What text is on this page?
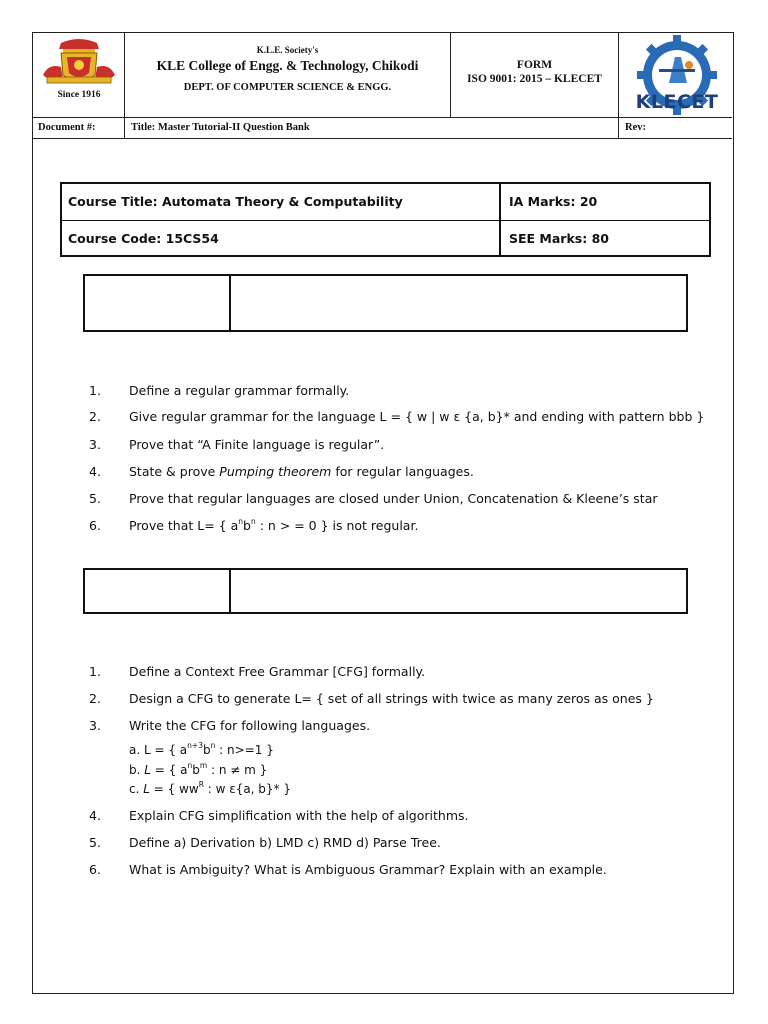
Since 1916
K.L.E. Society's
KLE College of Engg. & Technology, Chikodi
DEPT. OF COMPUTER SCIENCE & ENGG.
FORM
ISO 9001: 2015 – KLECET
KLECET
Document #:	Title: Master Tutorial-II Question Bank	Rev:
Course Title: Automata Theory & Computability	IA Marks: 20
Course Code: 15CS54	SEE Marks: 80
1.	Define a regular grammar formally.
2.	Give regular grammar for the language L = { w | w ε {a, b}* and ending with pattern bbb }
3.	Prove that “A Finite language is regular”.
4.	State & prove Pumping theorem for regular languages.
5.	Prove that regular languages are closed under Union, Concatenation & Kleene’s star
6.	Prove that L= { $a^nb^n$ : n > = 0 } is not regular.
1.	Define a Context Free Grammar [CFG] formally.
2.	Design a CFG to generate L= { set of all strings with twice as many zeros as ones }
3.	Write the CFG for following languages.
a. L = { $a^{n+3}b^n$ : n>=1 }
b. L = { $a^nb^m$ : n ≠ m }
c. L = { $ww^R$ : w ε{a, b}* }
4.	Explain CFG simplification with the help of algorithms.
5.	Define a) Derivation b) LMD c) RMD d) Parse Tree.
6.	What is Ambiguity? What is Ambiguous Grammar? Explain with an example.
